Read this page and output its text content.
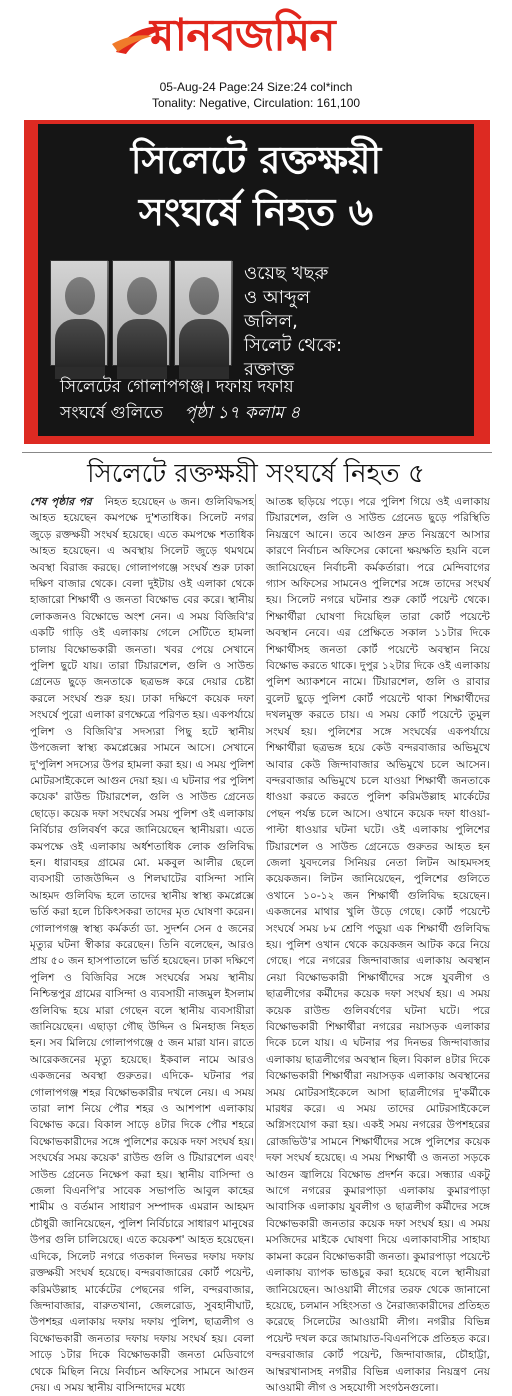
মানবজমিন
05-Aug-24 Page:24 Size:24 col*inch
Tonality: Negative, Circulation: 161,100
সিলেটে রক্তক্ষয়ী
সংঘর্ষে নিহত ৬
ওয়েছ খছরু
ও আব্দুল
জলিল,
সিলেট থেকে:
রক্তাক্ত
সিলেটের গোলাপগঞ্জ। দফায় দফায়
সংঘর্ষে গুলিতে পৃষ্ঠা ১৭ কলাম ৪
সিলেটে রক্তক্ষয়ী সংঘর্ষে নিহত ৫
শেষ পৃষ্ঠার পর নিহত হয়েছেন ৬ জন। গুলিবিদ্ধসহ আহত হয়েছেন কমপক্ষে দু'শতাধিক। সিলেট নগর জুড়ে রক্তক্ষয়ী সংঘর্ষ হয়েছে। এতে কমপক্ষে শতাধিক আহত হয়েছেন। এ অবস্থায় সিলেট জুড়ে থমথমে অবস্থা বিরাজ করছে। গোলাপগঞ্জে সংঘর্ষ শুরু ঢাকা দক্ষিণ বাজার থেকে। বেলা দুইটায় ওই এলাকা থেকে হাজারো শিক্ষার্থী ও জনতা বিক্ষোভ বের করে। স্থানীয় লোকজনও বিক্ষোভে অংশ নেন। এ সময় বিজিবি'র একটি গাড়ি ওই এলাকায় গেলে সেটিতে হামলা চালায় বিক্ষোভকারী জনতা। খবর পেয়ে সেখানে পুলিশ ছুটে যায়। তারা টিয়ারশেল, গুলি ও সাউন্ড গ্রেনেড ছুড়ে জনতাকে ছত্রভঙ্গ করে দেয়ার চেষ্টা করলে সংঘর্ষ শুরু হয়। ঢাকা দক্ষিণে কয়েক দফা সংঘর্ষে পুরো এলাকা রণক্ষেত্রে পরিণত হয়। একপর্যায়ে পুলিশ ও বিজিবি'র সদস্যরা পিছু হটে স্থানীয় উপজেলা স্বাস্থ্য কমপ্লেক্সের সামনে আসে। সেখানে দু'পুলিশ সদস্যের উপর হামলা করা হয়। এ সময় পুলিশ মোটরসাইকেলে আগুন দেয়া হয়। এ ঘটনার পর পুলিশ কয়েক' রাউন্ড টিয়ারশেল, গুলি ও সাউন্ড গ্রেনেড ছোড়ে। কয়েক দফা সংঘর্ষের সময় পুলিশ ওই এলাকায় নির্বিচার গুলিবর্ষণ করে জানিয়েছেন স্থানীয়রা। এতে কমপক্ষে ওই এলাকায় অর্ধশতাধিক লোক গুলিবিদ্ধ হন। ধারাবহর গ্রামের মো. মকবুল আলীর ছেলে ব্যবসায়ী তাজউদ্দিন ও শিলঘাটের বাসিন্দা সানি আহমদ গুলিবিদ্ধ হলে তাদের স্থানীয় স্বাস্থ্য কমপ্লেক্সে ভর্তি করা হলে চিকিৎসকরা তাদের মৃত ঘোষণা করেন। গোলাপগঞ্জ স্বাস্থ্য কর্মকর্তা ডা. সুদর্শন সেন ৫ জনের মৃত্যুর ঘটনা স্বীকার করেছেন। তিনি বলেছেন, আরও প্রায় ৫০ জন হাসপাতালে ভর্তি হয়েছেন। ঢাকা দক্ষিণে পুলিশ ও বিজিবির সঙ্গে সংঘর্ষের সময় স্থানীয় নিশ্চিন্তপুর গ্রামের বাসিন্দা ও ব্যবসায়ী নাজমুল ইসলাম গুলিবিদ্ধ হয়ে মারা গেছেন বলে স্থানীয় ব্যবসায়ীরা জানিয়েছেন। এছাড়া গৌছ উদ্দিন ও মিনহাজ নিহত হন। সব মিলিয়ে গোলাপগঞ্জে ৫ জন মারা যান। রাতে আরেকজনের মৃত্যু হয়েছে। ইকবাল নামে আরও একজনের অবস্থা গুরুতর। এদিকে- ঘটনার পর গোলাপগঞ্জ শহর বিক্ষোভকারীর দখলে নেয়। এ সময় তারা লাশ নিয়ে পৌর শহর ও আশপাশ এলাকায় বিক্ষোভ করে। বিকাল সাড়ে ৪টার দিকে পৌর শহরে বিক্ষোভকারীদের সঙ্গে পুলিশের কয়েক দফা সংঘর্ষ হয়। সংঘর্ষের সময় কয়েক' রাউন্ড গুলি ও টিয়ারশেল এবং সাউন্ড গ্রেনেড নিক্ষেপ করা হয়। স্থানীয় বাসিন্দা ও জেলা বিএনপি'র সাবেক সভাপতি আবুল কাহের শামীম ও বর্তমান সাধারণ সম্পাদক এমরান আহমদ চৌধুরী জানিয়েছেন, পুলিশ নির্বিচারে সাধারণ মানুষের উপর গুলি চালিয়েছে। এতে কয়েকশ' আহত হয়েছেন। এদিকে, সিলেট নগরে গতকাল দিনভর দফায় দফায় রক্তক্ষয়ী সংঘর্ষ হয়েছে। বন্দরবাজারের কোর্ট পয়েন্ট, করিমউল্লাহ মার্কেটের পেছনের গলি, বন্দরবাজার, জিন্দাবাজার, বারুতখানা, জেলরোড, সুবহানীঘাট, উপশহর এলাকায় দফায় দফায় পুলিশ, ছাত্রলীগ ও বিক্ষোভকারী জনতার দফায় দফায় সংঘর্ষ হয়। বেলা সাড়ে ১টার দিকে বিক্ষোভকারী জনতা মেডিবাগে থেকে মিছিল নিয়ে নির্বাচন অফিসের সামনে আগুন দেয়। এ সময় স্থানীয় বাসিন্দাদের মধ্যে
আতঙ্ক ছড়িয়ে পড়ে। পরে পুলিশ গিয়ে ওই এলাকায় টিয়ারশেল, গুলি ও সাউন্ড গ্রেনেড ছুড়ে পরিস্থিতি নিয়ন্ত্রণে আনে। তবে আগুন দ্রুত নিয়ন্ত্রণে আসার কারণে নির্বাচন অফিসের কোনো ক্ষয়ক্ষতি হয়নি বলে জানিয়েছেন নির্বাচনী কর্মকর্তারা। পরে মেন্দিবাগের গ্যাস অফিসের সামনেও পুলিশের সঙ্গে তাদের সংঘর্ষ হয়। সিলেট নগরে ঘটনার শুরু কোর্ট পয়েন্ট থেকে। শিক্ষার্থীরা ঘোষণা দিয়েছিল তারা কোর্ট পয়েন্টে অবস্থান নেবে। এর প্রেক্ষিতে সকাল ১১টার দিকে শিক্ষার্থীসহ জনতা কোর্ট পয়েন্টে অবস্থান নিয়ে বিক্ষোভ করতে থাকে। দুপুর ১২টার দিকে ওই এলাকায় পুলিশ অ্যাকশনে নামে। টিয়ারশেল, গুলি ও রাবার বুলেট ছুড়ে পুলিশ কোর্ট পয়েন্টে থাকা শিক্ষার্থীদের দখলমুক্ত করতে চায়। এ সময় কোর্ট পয়েন্টে তুমুল সংঘর্ষ হয়। পুলিশের সঙ্গে সংঘর্ষের একপর্যায়ে শিক্ষার্থীরা ছত্রভঙ্গ হয়ে কেউ বন্দরবাজার অভিমুখে আবার কেউ জিন্দাবাজার অভিমুখে চলে আসেন। বন্দরবাজার অভিমুখে চলে যাওয়া শিক্ষার্থী জনতাকে ধাওয়া করতে করতে পুলিশ করিমউল্লাহ মার্কেটের পেছন পর্যন্ত চলে আসে। ওখানে কয়েক দফা ধাওয়া-পাল্টা ধাওয়ার ঘটনা ঘটে। ওই এলাকায় পুলিশের টিয়ারশেল ও সাউন্ড গ্রেনেডে গুরুতর আহত হন জেলা যুবদলের সিনিয়র নেতা লিটন আহমদসহ কয়েকজন। লিটন জানিয়েছেন, পুলিশের গুলিতে ওখানে ১০-১২ জন শিক্ষার্থী গুলিবিদ্ধ হয়েছেন। একজনের মাথার খুলি উড়ে গেছে। কোর্ট পয়েন্টে সংঘর্ষে সময় ৮ম শ্রেণি পড়ুয়া এক শিক্ষার্থী গুলিবিদ্ধ হয়। পুলিশ ওখান থেকে কয়েকজন আটক করে নিয়ে গেছে। পরে নগরের জিন্দাবাজার এলাকায় অবস্থান নেয়া বিক্ষোভকারী শিক্ষার্থীদের সঙ্গে যুবলীগ ও ছাত্রলীগের কর্মীদের কয়েক দফা সংঘর্ষ হয়। এ সময় কয়েক রাউন্ড গুলিবর্ষণের ঘটনা ঘটে। পরে বিক্ষোভকারী শিক্ষার্থীরা নগরের নয়াসড়ক এলাকার দিকে চলে যায়। এ ঘটনার পর দিনভর জিন্দাবাজার এলাকায় ছাত্রলীগের অবস্থান ছিল। বিকাল ৪টার দিকে বিক্ষোভকারী শিক্ষার্থীরা নয়াসড়ক এলাকায় অবস্থানের সময় মোটরসাইকেলে আসা ছাত্রলীগের দু'কর্মীকে মারধর করে। এ সময় তাদের মোটরসাইকেলে অগ্নিসংযোগ করা হয়। একই সময় নগরের উপশহরের রোজভিউ'র সামনে শিক্ষার্থীদের সঙ্গে পুলিশের কয়েক দফা সংঘর্ষ হয়েছে। এ সময় শিক্ষার্থী ও জনতা সড়কে আগুন জ্বালিয়ে বিক্ষোভ প্রদর্শন করে। সন্ধ্যার একটু আগে নগরের কুমারপাড়া এলাকায় কুমারপাড়া আবাসিক এলাকায় যুবলীগ ও ছাত্রলীগ কর্মীদের সঙ্গে বিক্ষোভকারী জনতার কয়েক দফা সংঘর্ষ হয়। এ সময় মসজিদের মাইকে ঘোষণা দিয়ে এলাকাবাসীর সাহায্য কামনা করেন বিক্ষোভকারী জনতা। কুমারপাড়া পয়েন্টে এলাকায় ব্যাপক ভাঙচুর করা হয়েছে বলে স্থানীয়রা জানিয়েছেন। আওয়ামী লীগের তরফ থেকে জানানো হয়েছে, চলমান সহিংসতা ও নৈরাজ্যকারীদের প্রতিহত করেছে সিলেটের আওয়ামী লীগ। নগরীর বিভিন্ন পয়েন্ট দখল করে জামায়াত-বিএনপিকে প্রতিহত করে। বন্দরবাজার কোর্ট পয়েন্ট, জিন্দাবাজার, চৌহাট্টা, আম্বরখানাসহ নগরীর বিভিন্ন এলাকার নিয়ন্ত্রণ নেয় আওয়ামী লীগ ও সহযোগী সংগঠনগুলো।
